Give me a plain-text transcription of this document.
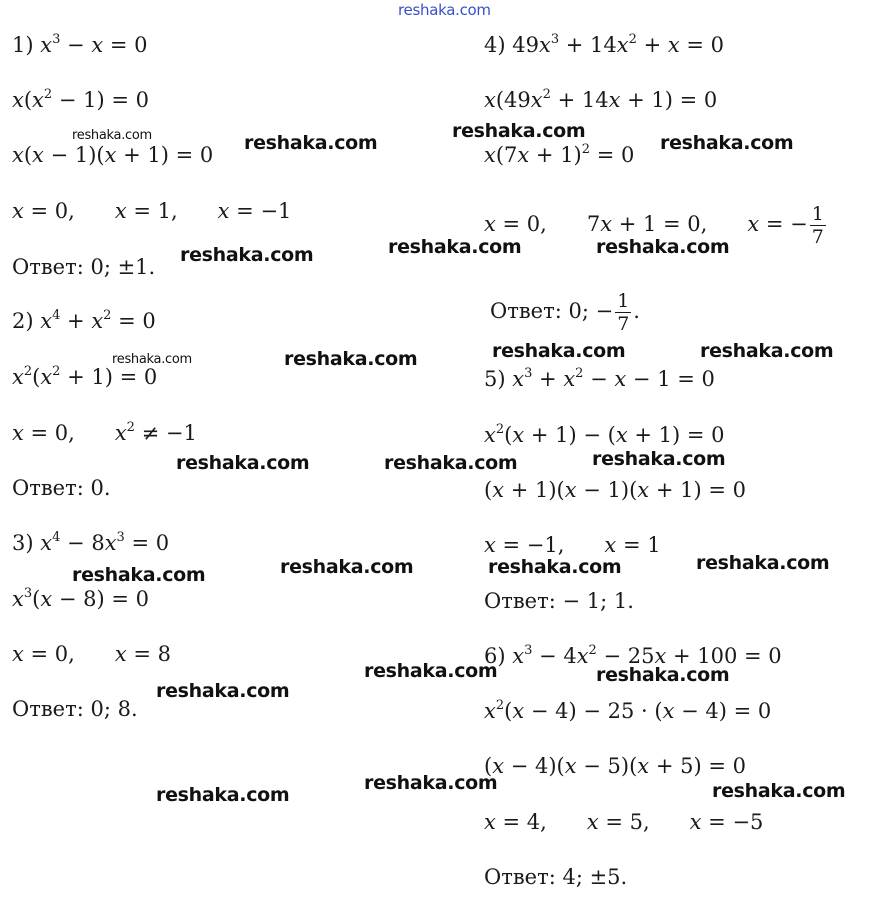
1) $x^3 - x = 0$
$x(x^2 - 1) = 0$
x(x − 1)(x + 1) = 0
x = 0, x = 1, x = −1
Ответ: 0; ±1.
2) $x^4 + x^2 = 0$
$x^2(x^2 + 1) = 0$
x = 0, $x^2 \ne -1$
Ответ: 0.
3) $x^4 - 8x^3 = 0$
$x^3(x - 8) = 0$
x = 0, x = 8
Ответ: 0; 8.
4) $49x^3 + 14x^2 + x = 0$
$x(49x^2 + 14x + 1) = 0$
$x(7x + 1)^2 = 0$
x = 0, 7x + 1 = 0, x = − $\frac{1}{7}$
Ответ: 0; − $\frac{1}{7}$ .
5) $x^3 + x^2 - x - 1 = 0$
$x^2(x + 1) - (x + 1) = 0$
(x + 1)(x − 1)(x + 1) = 0
x = −1, x = 1
Ответ: − 1; 1.
6) $x^3 - 4x^2 - 25x + 100 = 0$
$x^2(x - 4) - 25 \cdot (x - 4) = 0$
(x − 4)(x − 5)(x + 5) = 0
x = 4, x = 5, x = −5
Ответ: 4; ±5.
reshaka.com
reshaka.com	reshaka.com
reshaka.com
reshaka.com
reshaka.com	reshaka.com
reshaka.com
reshaka.com	reshaka.com
reshaka.com	reshaka.com
reshaka.com
reshaka.com	reshaka.com
reshaka.com	reshaka.com	reshaka.com
reshaka.com
reshaka.com	reshaka.com
reshaka.com
reshaka.com	reshaka.com
reshaka.com
